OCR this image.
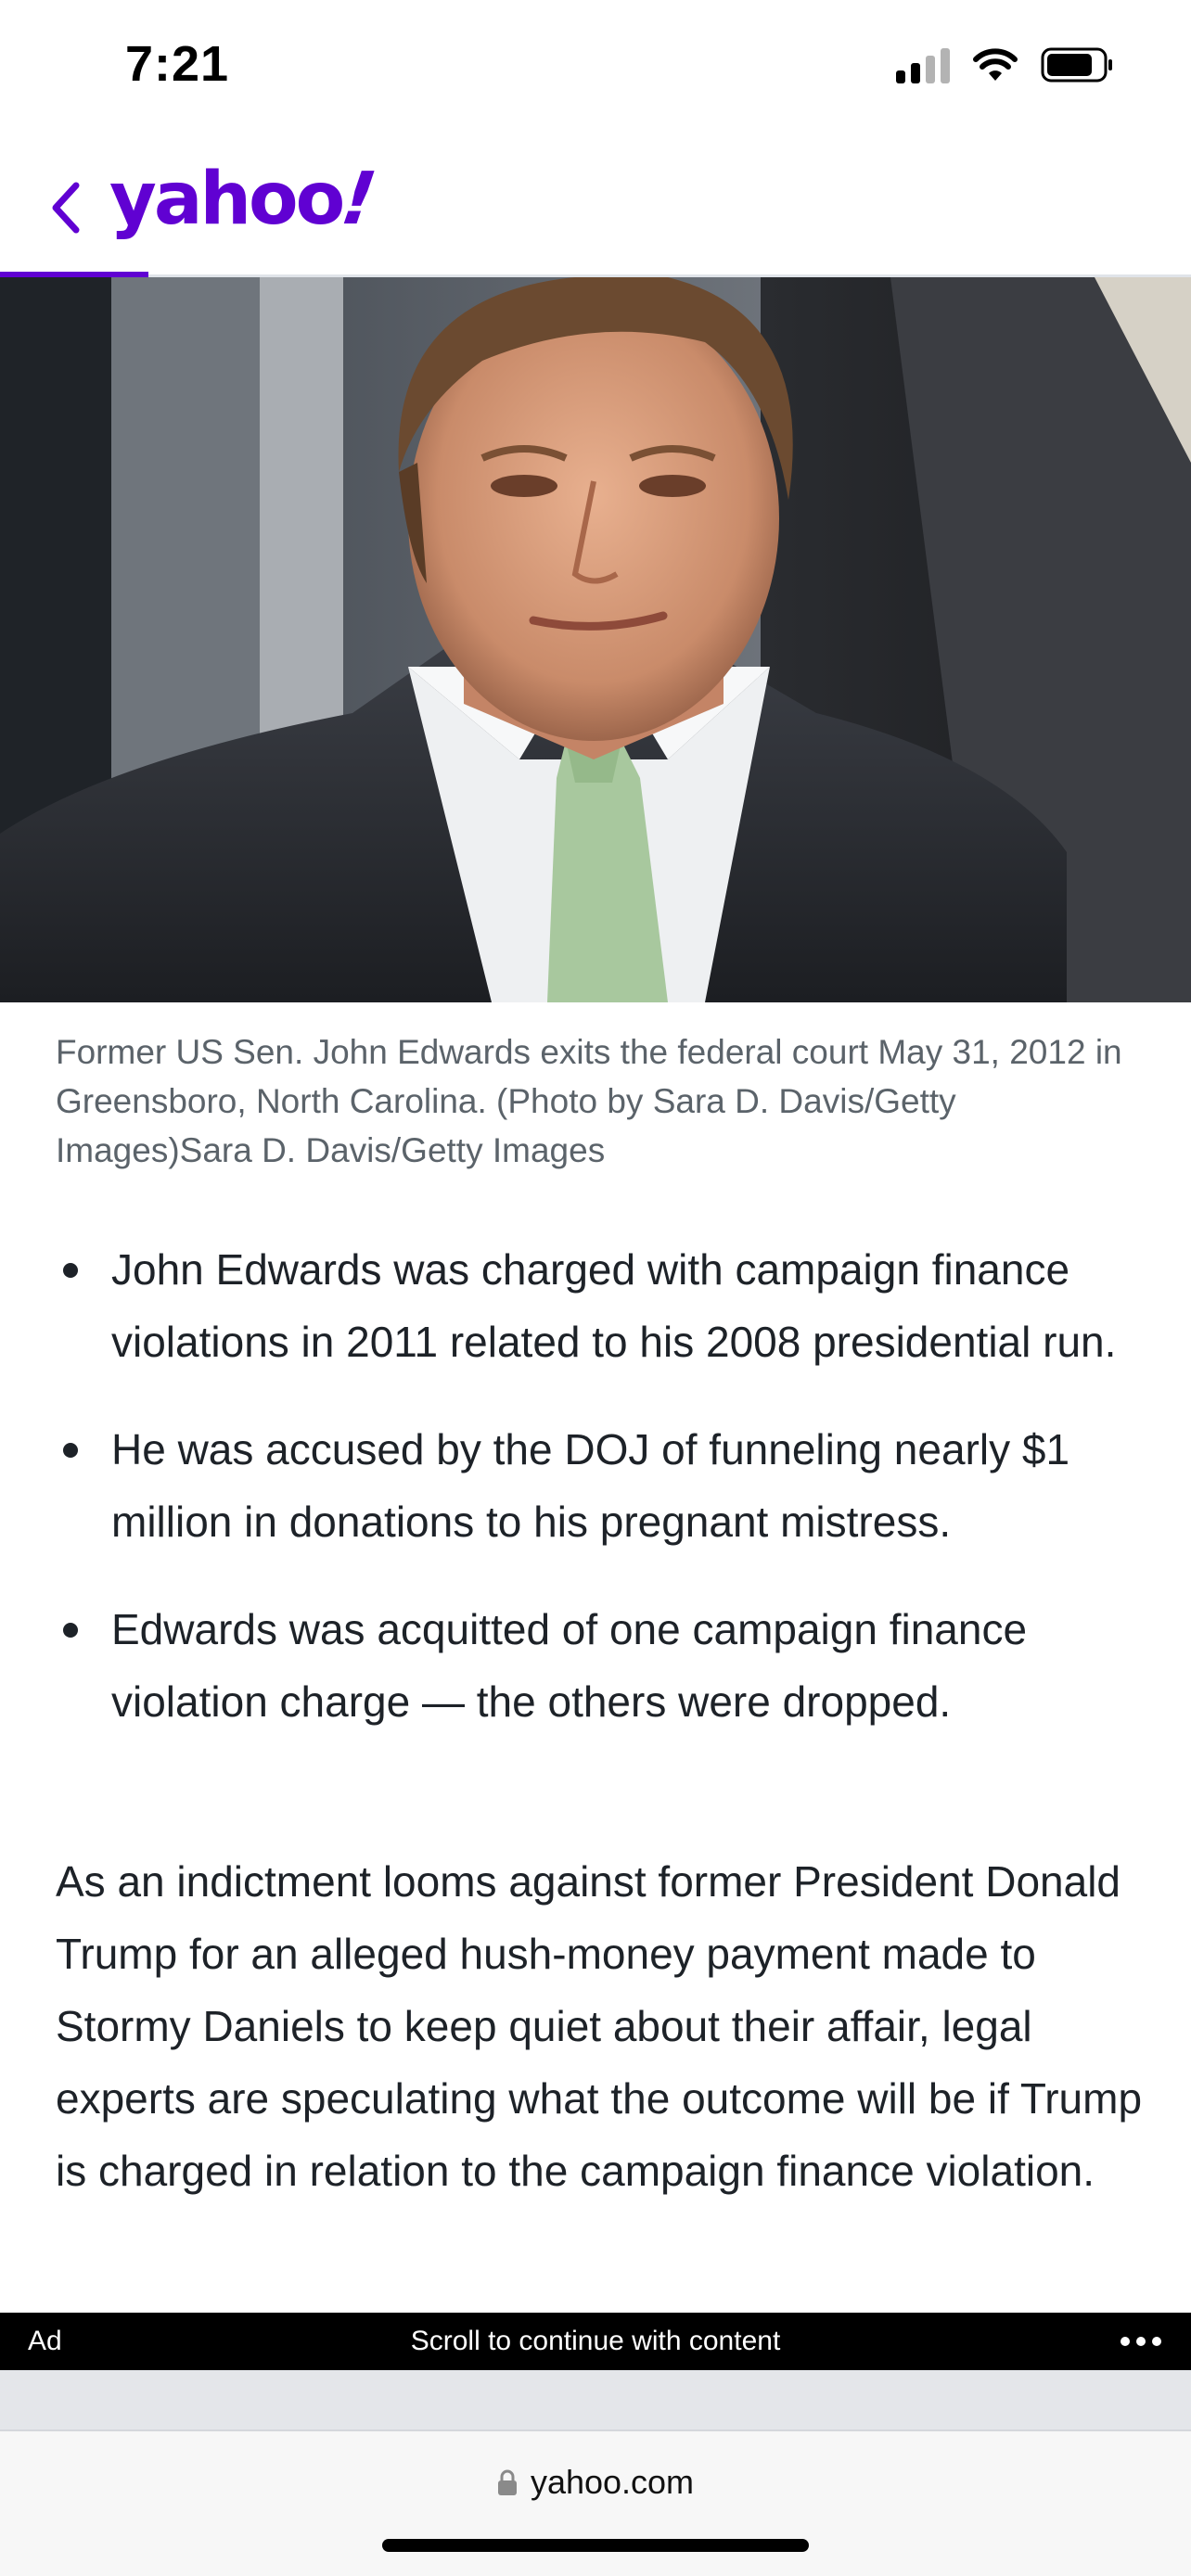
7:21
yahoo!
Former US Sen. John Edwards exits the federal court May 31, 2012 in Greensboro, North Carolina. (Photo by Sara D. Davis/Getty Images)Sara D. Davis/Getty Images
John Edwards was charged with campaign finance violations in 2011 related to his 2008 presidential run.
He was accused by the DOJ of funneling nearly $1 million in donations to his pregnant mistress.
Edwards was acquitted of one campaign finance violation charge — the others were dropped.

As an indictment looms against former President Donald Trump for an alleged hush-money payment made to Stormy Daniels to keep quiet about their affair, legal experts are speculating what the outcome will be if Trump is charged in relation to the campaign finance violation.

Ad	Scroll to continue with content
yahoo.com
